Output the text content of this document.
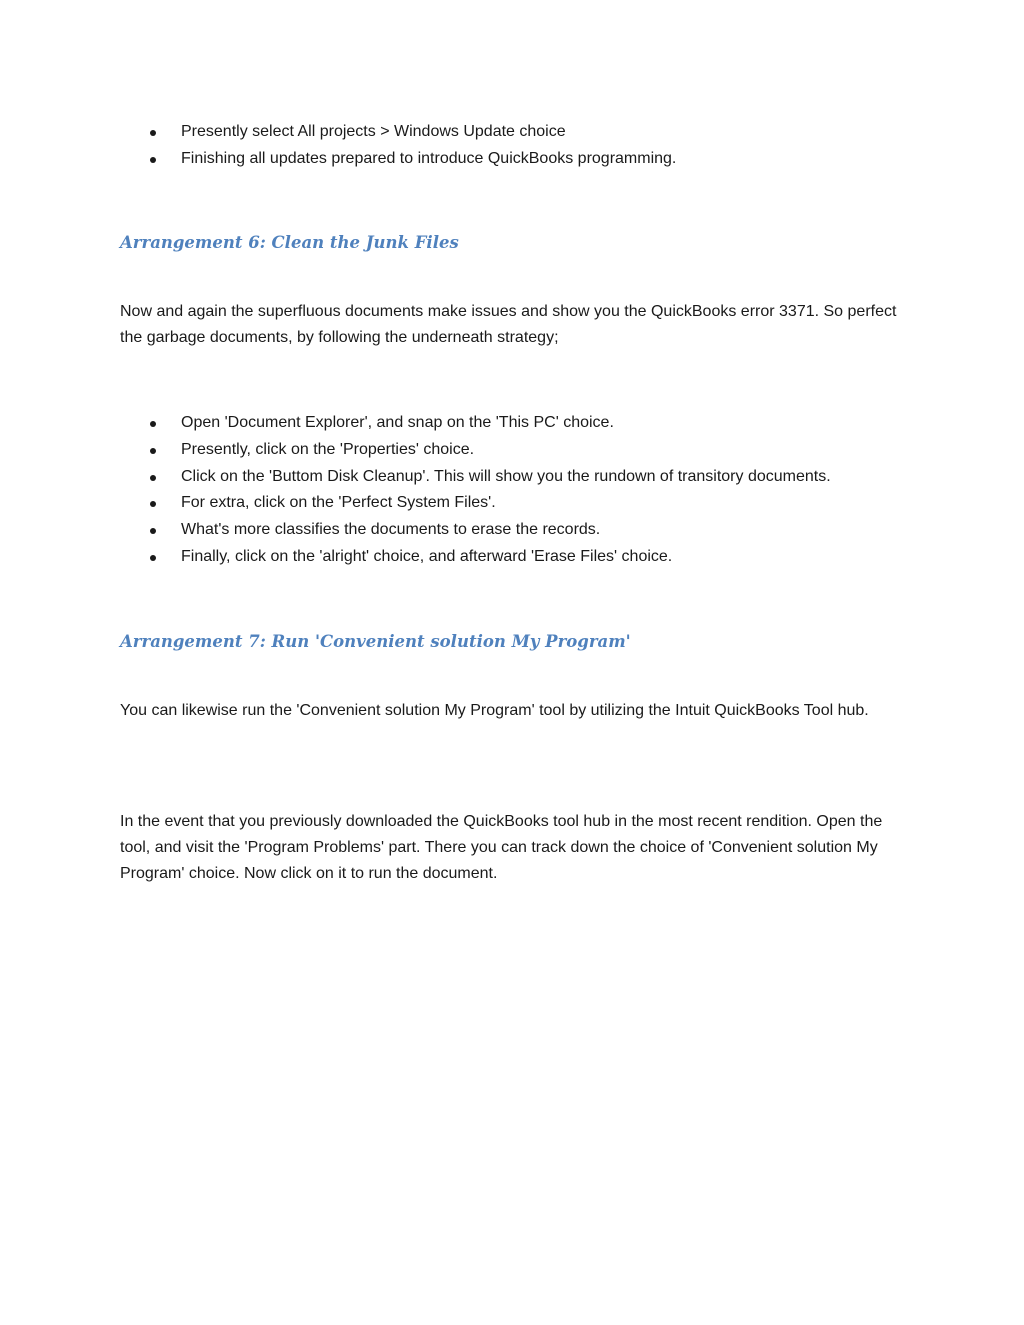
Presently select All projects > Windows Update choice
Finishing all updates prepared to introduce QuickBooks programming.
Arrangement 6: Clean the Junk Files

Now and again the superfluous documents make issues and show you the QuickBooks error 3371. So perfect the garbage documents, by following the underneath strategy;

Open 'Document Explorer', and snap on the 'This PC' choice.
Presently, click on the 'Properties' choice.
Click on the 'Buttom Disk Cleanup'. This will show you the rundown of transitory documents.
For extra, click on the 'Perfect System Files'.
What's more classifies the documents to erase the records.
Finally, click on the 'alright' choice, and afterward 'Erase Files' choice.
Arrangement 7: Run 'Convenient solution My Program'

You can likewise run the 'Convenient solution My Program' tool by utilizing the Intuit QuickBooks Tool hub.

In the event that you previously downloaded the QuickBooks tool hub in the most recent rendition. Open the tool, and visit the 'Program Problems' part. There you can track down the choice of 'Convenient solution My Program' choice. Now click on it to run the document.
